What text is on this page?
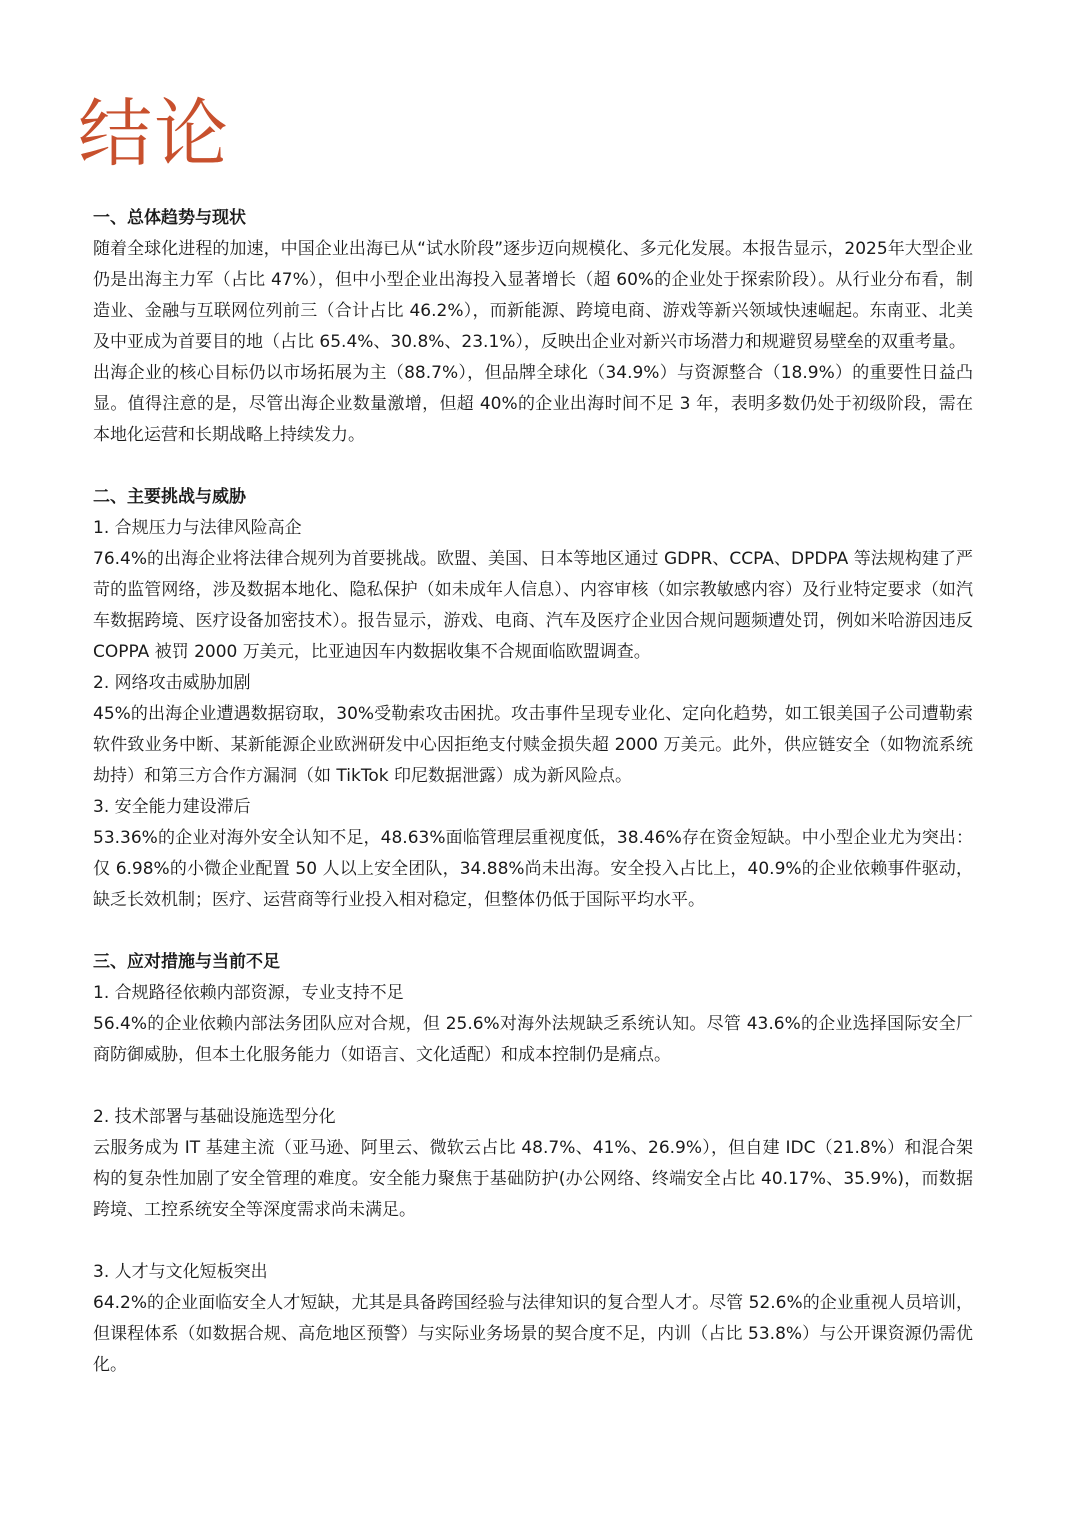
结论

一、总体趋势与现状

随着全球化进程的加速，中国企业出海已从“试水阶段”逐步迈向规模化、多元化发展。本报告显示，2025年大型企业仍是出海主力军（占比 47%），但中小型企业出海投入显著增长（超 60%的企业处于探索阶段）。从行业分布看，制造业、金融与互联网位列前三（合计占比 46.2%），而新能源、跨境电商、游戏等新兴领域快速崛起。东南亚、北美及中亚成为首要目的地（占比 65.4%、30.8%、23.1%），反映出企业对新兴市场潜力和规避贸易壁垒的双重考量。

出海企业的核心目标仍以市场拓展为主（88.7%），但品牌全球化（34.9%）与资源整合（18.9%）的重要性日益凸显。值得注意的是，尽管出海企业数量激增，但超 40%的企业出海时间不足 3 年，表明多数仍处于初级阶段，需在本地化运营和长期战略上持续发力。

二、主要挑战与威胁

1. 合规压力与法律风险高企

76.4%的出海企业将法律合规列为首要挑战。欧盟、美国、日本等地区通过 GDPR、CCPA、DPDPA 等法规构建了严苛的监管网络，涉及数据本地化、隐私保护（如未成年人信息）、内容审核（如宗教敏感内容）及行业特定要求（如汽车数据跨境、医疗设备加密技术）。报告显示，游戏、电商、汽车及医疗企业因合规问题频遭处罚，例如米哈游因违反 COPPA 被罚 2000 万美元，比亚迪因车内数据收集不合规面临欧盟调查。

2. 网络攻击威胁加剧

45%的出海企业遭遇数据窃取，30%受勒索攻击困扰。攻击事件呈现专业化、定向化趋势，如工银美国子公司遭勒索软件致业务中断、某新能源企业欧洲研发中心因拒绝支付赎金损失超 2000 万美元。此外，供应链安全（如物流系统劫持）和第三方合作方漏洞（如 TikTok 印尼数据泄露）成为新风险点。

3. 安全能力建设滞后

53.36%的企业对海外安全认知不足，48.63%面临管理层重视度低，38.46%存在资金短缺。中小型企业尤为突出：仅 6.98%的小微企业配置 50 人以上安全团队，34.88%尚未出海。安全投入占比上，40.9%的企业依赖事件驱动，缺乏长效机制；医疗、运营商等行业投入相对稳定，但整体仍低于国际平均水平。

三、应对措施与当前不足

1. 合规路径依赖内部资源，专业支持不足

56.4%的企业依赖内部法务团队应对合规，但 25.6%对海外法规缺乏系统认知。尽管 43.6%的企业选择国际安全厂商防御威胁，但本土化服务能力（如语言、文化适配）和成本控制仍是痛点。

2. 技术部署与基础设施选型分化

云服务成为 IT 基建主流（亚马逊、阿里云、微软云占比 48.7%、41%、26.9%），但自建 IDC（21.8%）和混合架构的复杂性加剧了安全管理的难度。安全能力聚焦于基础防护(办公网络、终端安全占比 40.17%、35.9%)，而数据跨境、工控系统安全等深度需求尚未满足。

3. 人才与文化短板突出

64.2%的企业面临安全人才短缺，尤其是具备跨国经验与法律知识的复合型人才。尽管 52.6%的企业重视人员培训，但课程体系（如数据合规、高危地区预警）与实际业务场景的契合度不足，内训（占比 53.8%）与公开课资源仍需优化。
